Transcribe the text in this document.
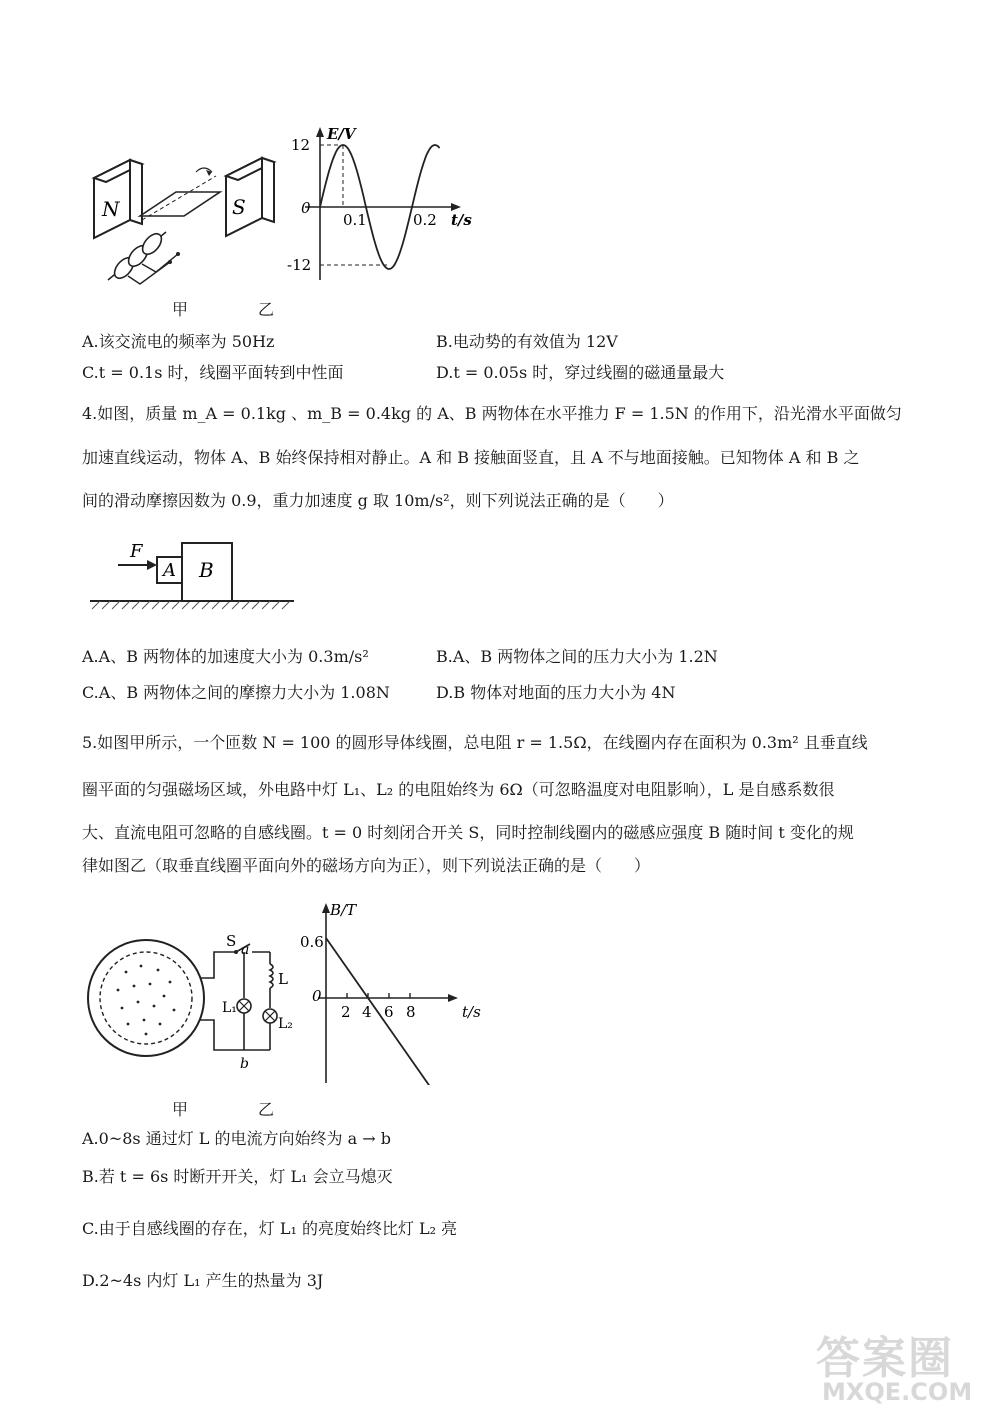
N	S
甲
E/V
12
-12
0
0.1	0.2 t/s
乙
A.该交流电的频率为 50Hz	B.电动势的有效值为 12V
C.t = 0.1s 时，线圈平面转到中性面	D.t = 0.05s 时，穿过线圈的磁通量最大
4.如图，质量 m_A = 0.1kg 、m_B = 0.4kg 的 A、B 两物体在水平推力 F = 1.5N 的作用下，沿光滑水平面做匀
加速直线运动，物体 A、B 始终保持相对静止。A 和 B 接触面竖直，且 A 不与地面接触。已知物体 A 和 B 之
间的滑动摩擦因数为 0.9，重力加速度 g 取 10m/s²，则下列说法正确的是（　　）
B
A
F
A.A、B 两物体的加速度大小为 0.3m/s²	B.A、B 两物体之间的压力大小为 1.2N
C.A、B 两物体之间的摩擦力大小为 1.08N	D.B 物体对地面的压力大小为 4N
5.如图甲所示，一个匝数 N = 100 的圆形导体线圈，总电阻 r = 1.5Ω，在线圈内存在面积为 0.3m² 且垂直线
圈平面的匀强磁场区域，外电路中灯 L₁、L₂ 的电阻始终为 6Ω（可忽略温度对电阻影响），L 是自感系数很
大、直流电阻可忽略的自感线圈。t = 0 时刻闭合开关 S，同时控制线圈内的磁感应强度 B 随时间 t 变化的规
律如图乙（取垂直线圈平面向外的磁场方向为正），则下列说法正确的是（　　）
S a
L₁
L
L₂
b
甲
B/T
0.6
0
2 4 6 8	t/s
乙
A.0~8s 通过灯 L 的电流方向始终为 a → b
B.若 t = 6s 时断开开关，灯 L₁ 会立马熄灭
C.由于自感线圈的存在，灯 L₁ 的亮度始终比灯 L₂ 亮
D.2~4s 内灯 L₁ 产生的热量为 3J
答案圈
MXQE.COM
